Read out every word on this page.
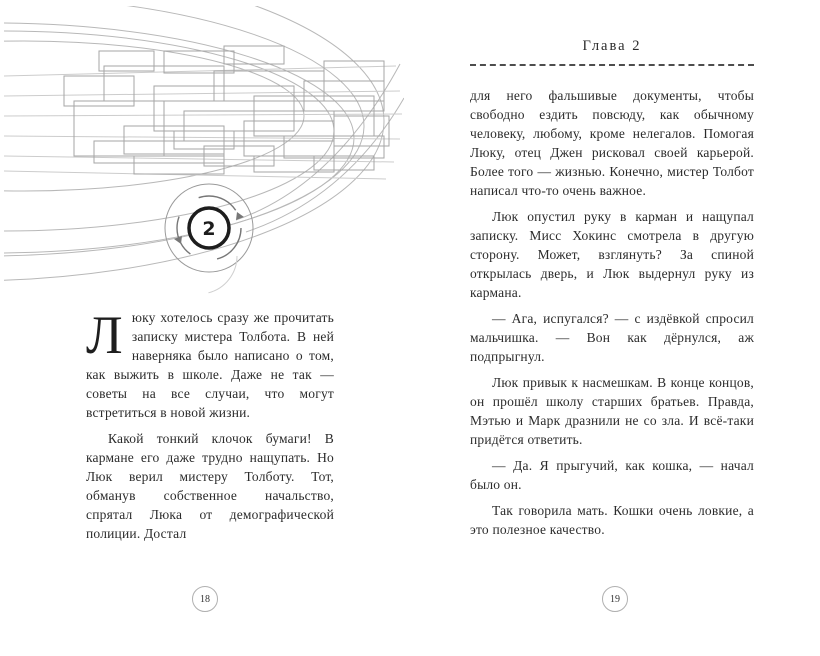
2

Люку хотелось сразу же прочитать записку мистера Толбота. В ней наверняка было написано о том, как выжить в школе. Даже не так — советы на все случаи, что могут встретиться в новой жизни.

Какой тонкий клочок бумаги! В кармане его даже трудно нащупать. Но Люк верил мистеру Толботу. Тот, обманув собственное начальство, спрятал Люка от демографической полиции. Достал

18
Глава 2

для него фальшивые документы, чтобы свободно ездить повсюду, как обычному человеку, любому, кроме нелегалов. Помогая Люку, отец Джен рисковал своей карьерой. Более того — жизнью. Конечно, мистер Толбот написал что-то очень важное.

Люк опустил руку в карман и нащупал записку. Мисс Хокинс смотрела в другую сторону. Может, взглянуть? За спиной открылась дверь, и Люк выдернул руку из кармана.

— Ага, испугался? — с издёвкой спросил мальчишка. — Вон как дёрнулся, аж подпрыгнул.

Люк привык к насмешкам. В конце концов, он прошёл школу старших братьев. Правда, Мэтью и Марк дразнили не со зла. И всё-таки придётся ответить.

— Да. Я прыгучий, как кошка, — начал было он.

Так говорила мать. Кошки очень ловкие, а это полезное качество.

19
